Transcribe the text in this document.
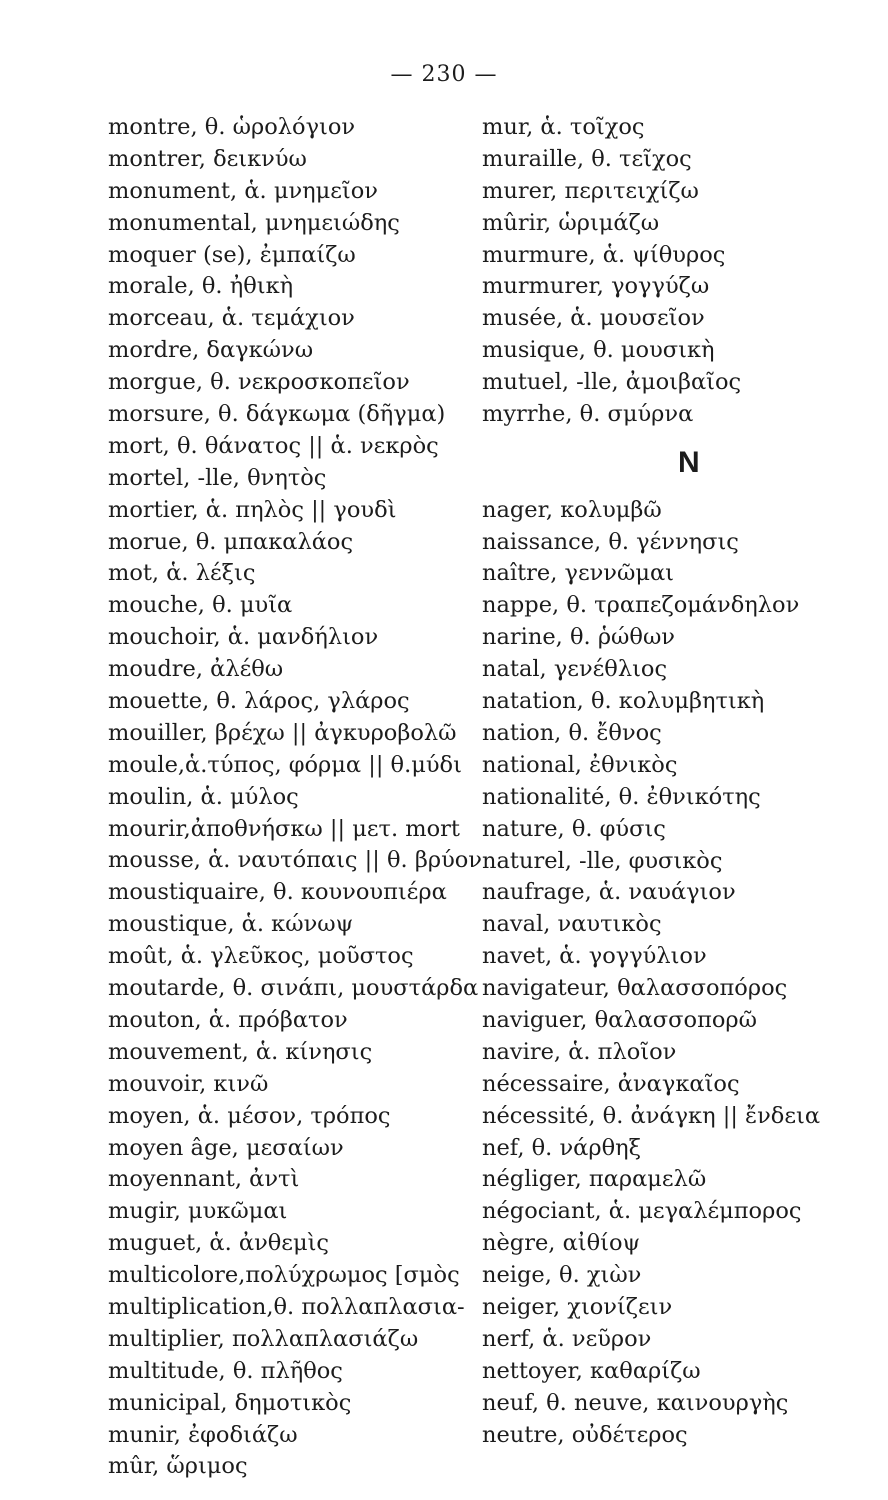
— 230 —
montre, θ. ὡρολόγιον
montrer, δεικνύω
monument, ἁ. μνημεῖον
monumental, μνημειώδης
moquer (se), ἐμπαίζω
morale, θ. ἠθικὴ
morceau, ἁ. τεμάχιον
mordre, δαγκώνω
morgue, θ. νεκροσκοπεῖον
morsure, θ. δάγκωμα (δῆγμα)
mort, θ. θάνατος || ἁ. νεκρὸς
mortel, -lle, θνητὸς
mortier, ἁ. πηλὸς || γουδὶ
morue, θ. μπακαλάος
mot, ἁ. λέξις
mouche, θ. μυῖα
mouchoir, ἁ. μανδήλιον
moudre, ἀλέθω
mouette, θ. λάρος, γλάρος
mouiller, βρέχω || ἀγκυροβολῶ
moule,ἁ.τύπος, φόρμα || θ.μύδι
moulin, ἁ. μύλος
mourir,ἀποθνήσκω || μετ. mort
mousse, ἁ. ναυτόπαις || θ. βρύον
moustiquaire, θ. κουνουπιέρα
moustique, ἁ. κώνωψ
moût, ἁ. γλεῦκος, μοῦστος
moutarde, θ. σινάπι, μουστάρδα
mouton, ἁ. πρόβατον
mouvement, ἁ. κίνησις
mouvoir, κινῶ
moyen, ἁ. μέσον, τρόπος
moyen âge, μεσαίων
moyennant, ἀντὶ
mugir, μυκῶμαι
muguet, ἁ. ἀνθεμὶς
multicolore,πολύχρωμος [σμὸς
multiplication,θ. πολλαπλασια-
multiplier, πολλαπλασιάζω
multitude, θ. πλῆθος
municipal, δημοτικὸς
munir, ἐφοδιάζω
mûr, ὥριμος
mur, ἁ. τοῖχος
muraille, θ. τεῖχος
murer, περιτειχίζω
mûrir, ὡριμάζω
murmure, ἁ. ψίθυρος
murmurer, γογγύζω
musée, ἁ. μουσεῖον
musique, θ. μουσικὴ
mutuel, -lle, ἀμοιβαῖος
myrrhe, θ. σμύρνα
N
nager, κολυμβῶ
naissance, θ. γέννησις
naître, γεννῶμαι
nappe, θ. τραπεζομάνδηλον
narine, θ. ῥώθων
natal, γενέθλιος
natation, θ. κολυμβητικὴ
nation, θ. ἔθνος
national, ἐθνικὸς
nationalité, θ. ἐθνικότης
nature, θ. φύσις
naturel, -lle, φυσικὸς
naufrage, ἁ. ναυάγιον
naval, ναυτικὸς
navet, ἁ. γογγύλιον
navigateur, θαλασσοπόρος
naviguer, θαλασσοπορῶ
navire, ἁ. πλοῖον
nécessaire, ἀναγκαῖος
nécessité, θ. ἀνάγκη || ἔνδεια
nef, θ. νάρθηξ
négliger, παραμελῶ
négociant, ἁ. μεγαλέμπορος
nègre, αἰθίοψ
neige, θ. χιὼν
neiger, χιονίζειν
nerf, ἁ. νεῦρον
nettoyer, καθαρίζω
neuf, θ. neuve, καινουργὴς
neutre, οὐδέτερος
